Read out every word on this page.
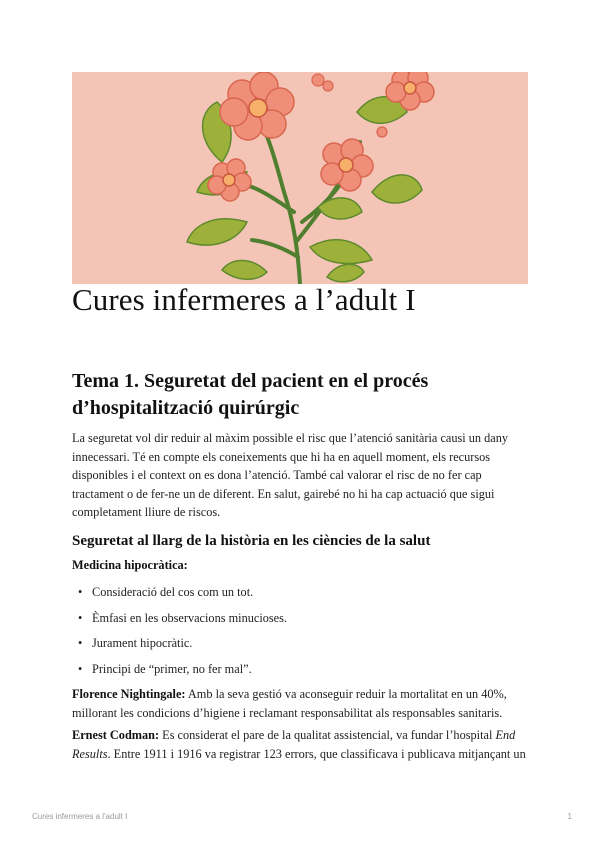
Cures infermeres a l’adult I
Tema 1. Seguretat del pacient en el procés d’hospitalització quirúrgic

La seguretat vol dir reduir al màxim possible el risc que l’atenció sanitària causi un dany innecessari. Té en compte els coneixements que hi ha en aquell moment, els recursos disponibles i el context on es dona l’atenció. També cal valorar el risc de no fer cap tractament o de fer-ne un de diferent. En salut, gairebé no hi ha cap actuació que sigui completament lliure de riscos.

Seguretat al llarg de la història en les ciències de la salut
Medicina hipocràtica:
• Consideració del cos com un tot.
• Èmfasi en les observacions minucioses.
• Jurament hipocràtic.
• Principi de “primer, no fer mal”.

Florence Nightingale: Amb la seva gestió va aconseguir reduir la mortalitat en un 40%, millorant les condicions d’higiene i reclamant responsabilitat als responsables sanitaris.

Ernest Codman: Es considerat el pare de la qualitat assistencial, va fundar l’hospital End Results. Entre 1911 i 1916 va registrar 123 errors, que classificava i publicava mitjançant un

Cures infermeres a l'adult I	1
